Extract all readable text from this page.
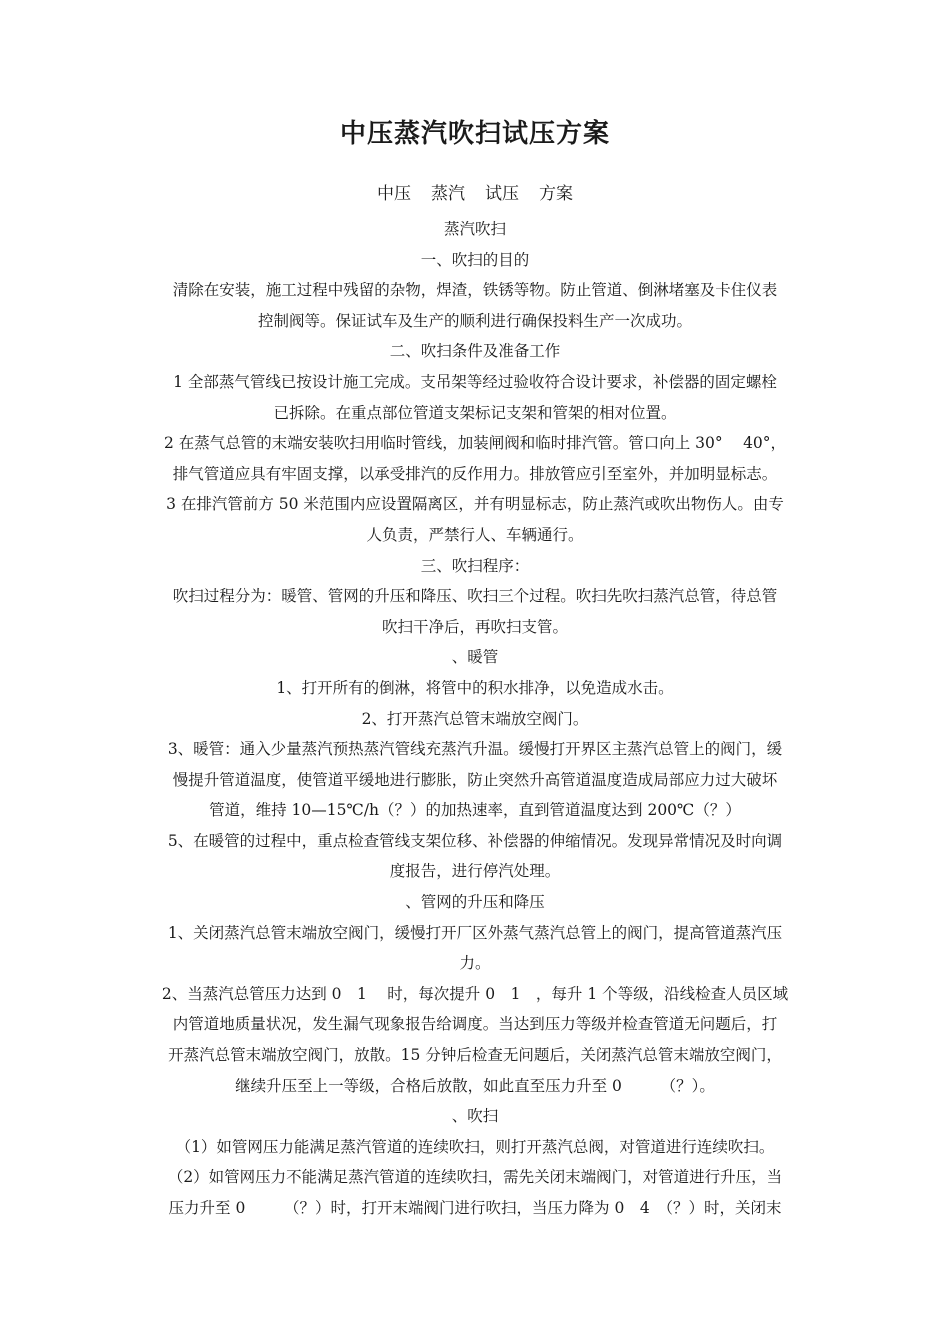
中压蒸汽吹扫试压方案
中压 蒸汽 试压 方案

蒸汽吹扫

一、吹扫的目的

清除在安装，施工过程中残留的杂物，焊渣，铁锈等物。防止管道、倒淋堵塞及卡住仪表

控制阀等。保证试车及生产的顺利进行确保投料生产一次成功。

二、吹扫条件及准备工作

1 全部蒸气管线已按设计施工完成。支吊架等经过验收符合设计要求，补偿器的固定螺栓

已拆除。在重点部位管道支架标记支架和管架的相对位置。

2 在蒸气总管的末端安装吹扫用临时管线，加装闸阀和临时排汽管。管口向上 30°　 40°，

排气管道应具有牢固支撑，以承受排汽的反作用力。排放管应引至室外，并加明显标志。

3 在排汽管前方 50 米范围内应设置隔离区，并有明显标志，防止蒸汽或吹出物伤人。由专

人负责，严禁行人、车辆通行。

三、吹扫程序：

吹扫过程分为：暖管、管网的升压和降压、吹扫三个过程。吹扫先吹扫蒸汽总管，待总管

吹扫干净后，再吹扫支管。

、暖管

1、打开所有的倒淋，将管中的积水排净，以免造成水击。

2、打开蒸汽总管末端放空阀门。

3、暖管：通入少量蒸汽预热蒸汽管线充蒸汽升温。缓慢打开界区主蒸汽总管上的阀门，缓

慢提升管道温度，使管道平缓地进行膨胀，防止突然升高管道温度造成局部应力过大破坏

管道，维持 10—15℃/h（？）的加热速率，直到管道温度达到 200℃（？）

5、在暖管的过程中，重点检查管线支架位移、补偿器的伸缩情况。发现异常情况及时向调

度报告，进行停汽处理。

、管网的升压和降压

1、关闭蒸汽总管末端放空阀门，缓慢打开厂区外蒸气蒸汽总管上的阀门，提高管道蒸汽压

力。

2、当蒸汽总管压力达到 0　1　 时，每次提升 0　1　，每升 1 个等级，沿线检查人员区域

内管道地质量状况，发生漏气现象报告给调度。当达到压力等级并检查管道无问题后，打

开蒸汽总管末端放空阀门，放散。15 分钟后检查无问题后，关闭蒸汽总管末端放空阀门，

继续升压至上一等级，合格后放散，如此直至压力升至 0　　　（？）。

、吹扫

（1）如管网压力能满足蒸汽管道的连续吹扫，则打开蒸汽总阀，对管道进行连续吹扫。

（2）如管网压力不能满足蒸汽管道的连续吹扫，需先关闭末端阀门，对管道进行升压，当

压力升至 0　　　（？）时，打开末端阀门进行吹扫，当压力降为 0　4　（？）时，关闭末
